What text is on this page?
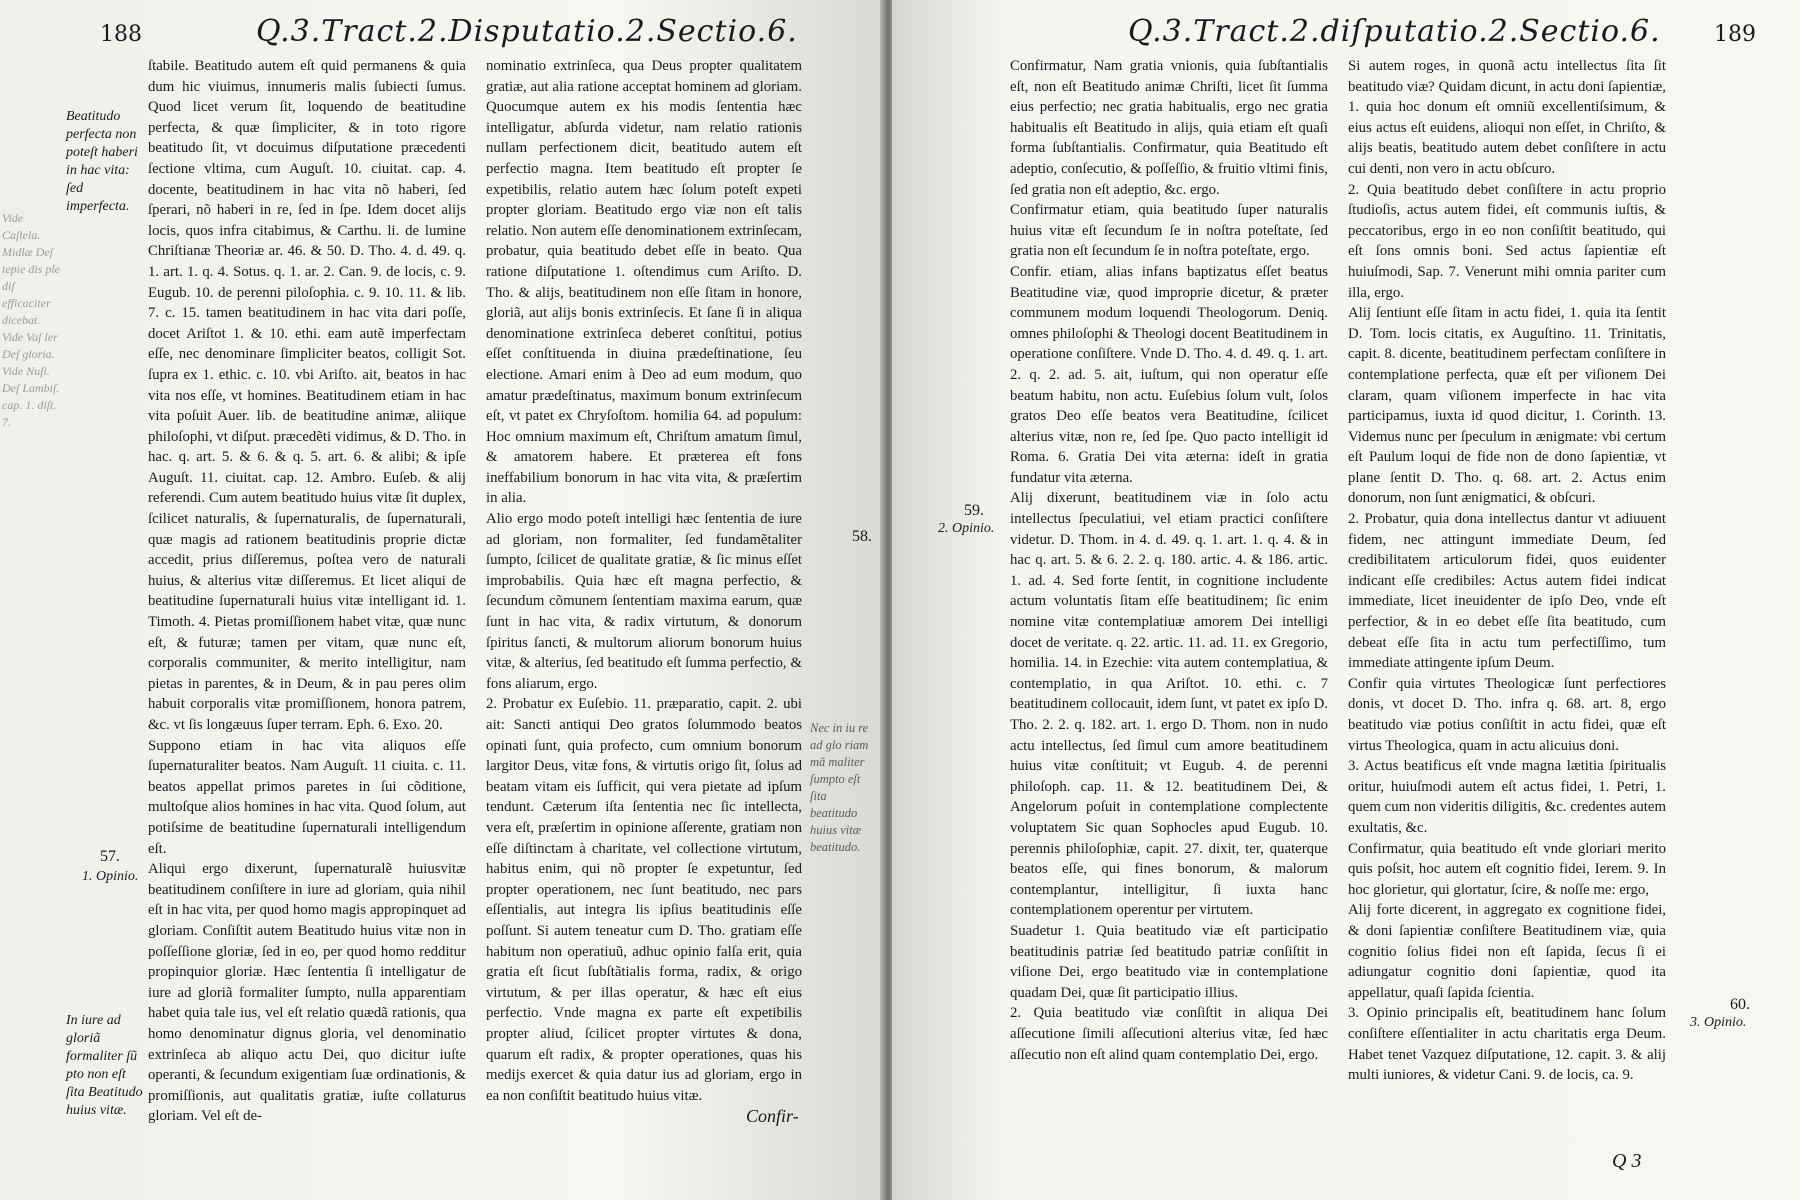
188	Q.3.Tract.2.Disputatio.2.Sectio.6.
Beatitudo perfecta non poteſt haberi in hac vita: ſed imperfecta.
Vide Caſtela. Midlæ Deſ tepie dis ple diſ efficaciter dicebat. Vide Vaſ ler Deſ gloria. Vide Nuſi. Deſ Lambiſ. cap. 1. diſt. 7.
57.
1. Opinio.
In iure ad gloriã formaliter ſũ pto non eſt ſita Beatitudo huius vitæ.
ſtabile. Beatitudo autem eſt quid permanens & quia dum hic viuimus, innumeris malis ſubiecti ſumus. Quod licet verum ſit, loquendo de beatitudine perfecta, & quæ ſimpliciter, & in toto rigore beatitudo ſit, vt docuimus diſputatione præcedenti ſectione vltima, cum Auguſt. 10. ciuitat. cap. 4. docente, beatitudinem in hac vita nõ haberi, ſed ſperari, nõ haberi in re, ſed in ſpe. Idem docet alijs locis, quos infra citabimus, & Carthu. li. de lumine Chriſtianæ Theoriæ ar. 46. & 50. D. Tho. 4. d. 49. q. 1. art. 1. q. 4. Sotus. q. 1. ar. 2. Can. 9. de locis, c. 9. Eugub. 10. de perenni piloſophia. c. 9. 10. 11. & lib. 7. c. 15. tamen beatitudinem in hac vita dari poſſe, docet Ariſtot 1. & 10. ethi. eam autẽ imperfectam eſſe, nec denominare ſimpliciter beatos, colligit Sot. ſupra ex 1. ethic. c. 10. vbi Ariſto. ait, beatos in hac vita nos eſſe, vt homines. Beatitudinem etiam in hac vita poſuit Auer. lib. de beatitudine animæ, aliique philoſophi, vt diſput. præcedẽti vidimus, & D. Tho. in hac. q. art. 5. & 6. & q. 5. art. 6. & alibi; & ipſe Auguſt. 11. ciuitat. cap. 12. Ambro. Euſeb. & alij referendi. Cum autem beatitudo huius vitæ ſit duplex, ſcilicet naturalis, & ſupernaturalis, de ſupernaturali, quæ magis ad rationem beatitudinis proprie dictæ accedit, prius diſſeremus, poſtea vero de naturali huius, & alterius vitæ diſſeremus. Et licet aliqui de beatitudine ſupernaturali huius vitæ intelligant id. 1. Timoth. 4. Pietas promiſſionem habet vitæ, quæ nunc eſt, & futuræ; tamen per vitam, quæ nunc eſt, corporalis communiter, & merito intelligitur, nam pietas in parentes, & in Deum, & in pau peres olim habuit corporalis vitæ promiſſionem, honora patrem, &c. vt ſis longæuus ſuper terram. Eph. 6. Exo. 20.
Suppono etiam in hac vita aliquos eſſe ſupernaturaliter beatos. Nam Auguſt. 11 ciuita. c. 11. beatos appellat primos paretes in ſui cõditione, multoſque alios homines in hac vita. Quod ſolum, aut potiſsime de beatitudine ſupernaturali intelligendum eſt.
Aliqui ergo dixerunt, ſupernaturalẽ huiusvitæ beatitudinem conſiſtere in iure ad gloriam, quia nihil eſt in hac vita, per quod homo magis appropinquet ad gloriam. Conſiſtit autem Beatitudo huius vitæ non in poſſeſſione gloriæ, ſed in eo, per quod homo redditur propinquior gloriæ. Hæc ſententia ſi intelligatur de iure ad gloriã formaliter ſumpto, nulla apparentiam habet quia tale ius, vel eſt relatio quædã rationis, qua homo denominatur dignus gloria, vel denominatio extrinſeca ab aliquo actu Dei, quo dicitur iuſte operanti, & ſecundum exigentiam ſuæ ordinationis, & promiſſionis, aut qualitatis gratiæ, iuſte collaturus gloriam. Vel eſt de-
nominatio extrinſeca, qua Deus propter qualitatem gratiæ, aut alia ratione acceptat hominem ad gloriam. Quocumque autem ex his modis ſententia hæc intelligatur, abſurda videtur, nam relatio rationis nullam perfectionem dicit, beatitudo autem eſt perfectio magna. Item beatitudo eſt propter ſe expetibilis, relatio autem hæc ſolum poteſt expeti propter gloriam. Beatitudo ergo viæ non eſt talis relatio. Non autem eſſe denominationem extrinſecam, probatur, quia beatitudo debet eſſe in beato. Qua ratione diſputatione 1. oſtendimus cum Ariſto. D. Tho. & alijs, beatitudinem non eſſe ſitam in honore, gloriã, aut alijs bonis extrinſecis. Et ſane ſi in aliqua denominatione extrinſeca deberet conſtitui, potius eſſet conſtituenda in diuina prædeſtinatione, ſeu electione. Amari enim à Deo ad eum modum, quo amatur prædeſtinatus, maximum bonum extrinſecum eſt, vt patet ex Chryſoſtom. homilia 64. ad populum: Hoc omnium maximum eſt, Chriſtum amatum ſimul, & amatorem habere. Et præterea eſt fons ineffabilium bonorum in hac vita vita, & præſertim in alia.
Alio ergo modo poteſt intelligi hæc ſententia de iure ad gloriam, non formaliter, ſed fundamẽtaliter ſumpto, ſcilicet de qualitate gratiæ, & ſic minus eſſet improbabilis. Quia hæc eſt magna perfectio, & ſecundum cõmunem ſententiam maxima earum, quæ ſunt in hac vita, & radix virtutum, & donorum ſpiritus ſancti, & multorum aliorum bonorum huius vitæ, & alterius, ſed beatitudo eſt ſumma perfectio, & fons aliarum, ergo.
2. Probatur ex Euſebio. 11. præparatio, capit. 2. ubi ait: Sancti antiqui Deo gratos ſolummodo beatos opinati ſunt, quia profecto, cum omnium bonorum largitor Deus, vitæ fons, & virtutis origo ſit, ſolus ad beatam vitam eis ſufficit, qui vera pietate ad ipſum tendunt. Cæterum iſta ſententia nec ſic intellecta, vera eſt, præſertim in opinione aſſerente, gratiam non eſſe diſtinctam à charitate, vel collectione virtutum, habitus enim, qui nõ propter ſe expetuntur, ſed propter operationem, nec ſunt beatitudo, nec pars eſſentialis, aut integra lis ipſius beatitudinis eſſe poſſunt. Si autem teneatur cum D. Tho. gratiam eſſe habitum non operatiuũ, adhuc opinio falſa erit, quia gratia eſt ſicut ſubſtãtialis forma, radix, & origo virtutum, & per illas operatur, & hæc eſt eius perfectio. Vnde magna ex parte eſt expetibilis propter aliud, ſcilicet propter virtutes & dona, quarum eſt radix, & propter operationes, quas his medijs exercet & quia datur ius ad gloriam, ergo in ea non conſiſtit beatitudo huius vitæ.
Confir-
58.
Nec in iu re ad glo riam mã maliter ſumpto eſt ſita beatitudo huius vitæ beatitudo.
Q.3.Tract.2.diſputatio.2.Sectio.6. 189
Confirmatur, Nam gratia vnionis, quia ſubſtantialis eſt, non eſt Beatitudo animæ Chriſti, licet ſit ſumma eius perfectio; nec gratia habitualis, ergo nec gratia habitualis eſt Beatitudo in alijs, quia etiam eſt quaſi forma ſubſtantialis. Confirmatur, quia Beatitudo eſt adeptio, conſecutio, & poſſeſſio, & fruitio vltimi finis, ſed gratia non eſt adeptio, &c. ergo.
Confirmatur etiam, quia beatitudo ſuper naturalis huius vitæ eſt ſecundum ſe in noſtra poteſtate, ſed gratia non eſt ſecundum ſe in noſtra poteſtate, ergo.
Confir. etiam, alias infans baptizatus eſſet beatus Beatitudine viæ, quod improprie dicetur, & præter communem modum loquendi Theologorum. Deniq. omnes philoſophi & Theologi docent Beatitudinem in operatione conſiſtere. Vnde D. Tho. 4. d. 49. q. 1. art. 2. q. 2. ad. 5. ait, iuſtum, qui non operatur eſſe beatum habitu, non actu. Euſebius ſolum vult, ſolos gratos Deo eſſe beatos vera Beatitudine, ſcilicet alterius vitæ, non re, ſed ſpe. Quo pacto intelligit id Roma. 6. Gratia Dei vita æterna: ideſt in gratia fundatur vita æterna.
Alij dixerunt, beatitudinem viæ in ſolo actu intellectus ſpeculatiui, vel etiam practici conſiſtere videtur. D. Thom. in 4. d. 49. q. 1. art. 1. q. 4. & in hac q. art. 5. & 6. 2. 2. q. 180. artic. 4. & 186. artic. 1. ad. 4. Sed forte ſentit, in cognitione includente actum voluntatis ſitam eſſe beatitudinem; ſic enim nomine vitæ contemplatiuæ amorem Dei intelligi docet de veritate. q. 22. artic. 11. ad. 11. ex Gregorio, homilia. 14. in Ezechie: vita autem contemplatiua, & contemplatio, in qua Ariſtot. 10. ethi. c. 7 beatitudinem collocauit, idem ſunt, vt patet ex ipſo D. Tho. 2. 2. q. 182. art. 1. ergo D. Thom. non in nudo actu intellectus, ſed ſimul cum amore beatitudinem huius vitæ conſtituit; vt Eugub. 4. de perenni philoſoph. cap. 11. & 12. beatitudinem Dei, & Angelorum poſuit in contemplatione complectente voluptatem Sic quan Sophocles apud Eugub. 10. perennis philoſophiæ, capit. 27. dixit, ter, quaterque beatos eſſe, qui fines bonorum, & malorum contemplantur, intelligitur, ſi iuxta hanc contemplationem operentur per virtutem.
Suadetur 1. Quia beatitudo viæ eſt participatio beatitudinis patriæ ſed beatitudo patriæ conſiſtit in viſione Dei, ergo beatitudo viæ in contemplatione quadam Dei, quæ ſit participatio illius.
2. Quia beatitudo viæ conſiſtit in aliqua Dei aſſecutione ſimili aſſecutioni alterius vitæ, ſed hæc aſſecutio non eſt alind quam contemplatio Dei, ergo.
Si autem roges, in quonã actu intellectus ſita ſit beatitudo viæ? Quidam dicunt, in actu doni ſapientiæ, 1. quia hoc donum eſt omniũ excellentiſsimum, & eius actus eſt euidens, alioqui non eſſet, in Chriſto, & alijs beatis, beatitudo autem debet conſiſtere in actu cui denti, non vero in actu obſcuro.
2. Quia beatitudo debet conſiſtere in actu proprio ſtudioſis, actus autem fidei, eſt communis iuſtis, & peccatoribus, ergo in eo non conſiſtit beatitudo, qui eſt ſons omnis boni. Sed actus ſapientiæ eſt huiuſmodi, Sap. 7. Venerunt mihi omnia pariter cum illa, ergo.
Alij ſentiunt eſſe ſitam in actu fidei, 1. quia ita ſentit D. Tom. locis citatis, ex Auguſtino. 11. Trinitatis, capit. 8. dicente, beatitudinem perfectam conſiſtere in contemplatione perfecta, quæ eſt per viſionem Dei claram, quam viſionem imperfecte in hac vita participamus, iuxta id quod dicitur, 1. Corinth. 13. Videmus nunc per ſpeculum in ænigmate: vbi certum eſt Paulum loqui de fide non de dono ſapientiæ, vt plane ſentit D. Tho. q. 68. art. 2. Actus enim donorum, non ſunt ænigmatici, & obſcuri.
2. Probatur, quia dona intellectus dantur vt adiuuent fidem, nec attingunt immediate Deum, ſed credibilitatem articulorum fidei, quos euidenter indicant eſſe credibiles: Actus autem fidei indicat immediate, licet ineuidenter de ipſo Deo, vnde eſt perfectior, & in eo debet eſſe ſita beatitudo, cum debeat eſſe ſita in actu tum perfectiſſimo, tum immediate attingente ipſum Deum.
Confir quia virtutes Theologicæ ſunt perfectiores donis, vt docet D. Tho. infra q. 68. art. 8, ergo beatitudo viæ potius conſiſtit in actu fidei, quæ eſt virtus Theologica, quam in actu alicuius doni.
3. Actus beatificus eſt vnde magna lætitia ſpiritualis oritur, huiuſmodi autem eſt actus fidei, 1. Petri, 1. quem cum non videritis diligitis, &c. credentes autem exultatis, &c.
Confirmatur, quia beatitudo eſt vnde gloriari merito quis poſsit, hoc autem eſt cognitio fidei, Ierem. 9. In hoc glorietur, qui glortatur, ſcire, & noſſe me: ergo,
Alij forte dicerent, in aggregato ex cognitione fidei, & doni ſapientiæ conſiſtere Beatitudinem viæ, quia cognitio ſolius fidei non eſt ſapida, ſecus ſi ei adiungatur cognitio doni ſapientiæ, quod ita appellatur, quaſi ſapida ſcientia.
3. Opinio principalis eſt, beatitudinem hanc ſolum conſiſtere eſſentialiter in actu charitatis erga Deum. Habet tenet Vazquez diſputatione, 12. capit. 3. & alij multi iuniores, & videtur Cani. 9. de locis, ca. 9.
59.
2. Opinio.
60.
3. Opinio.
Q 3
